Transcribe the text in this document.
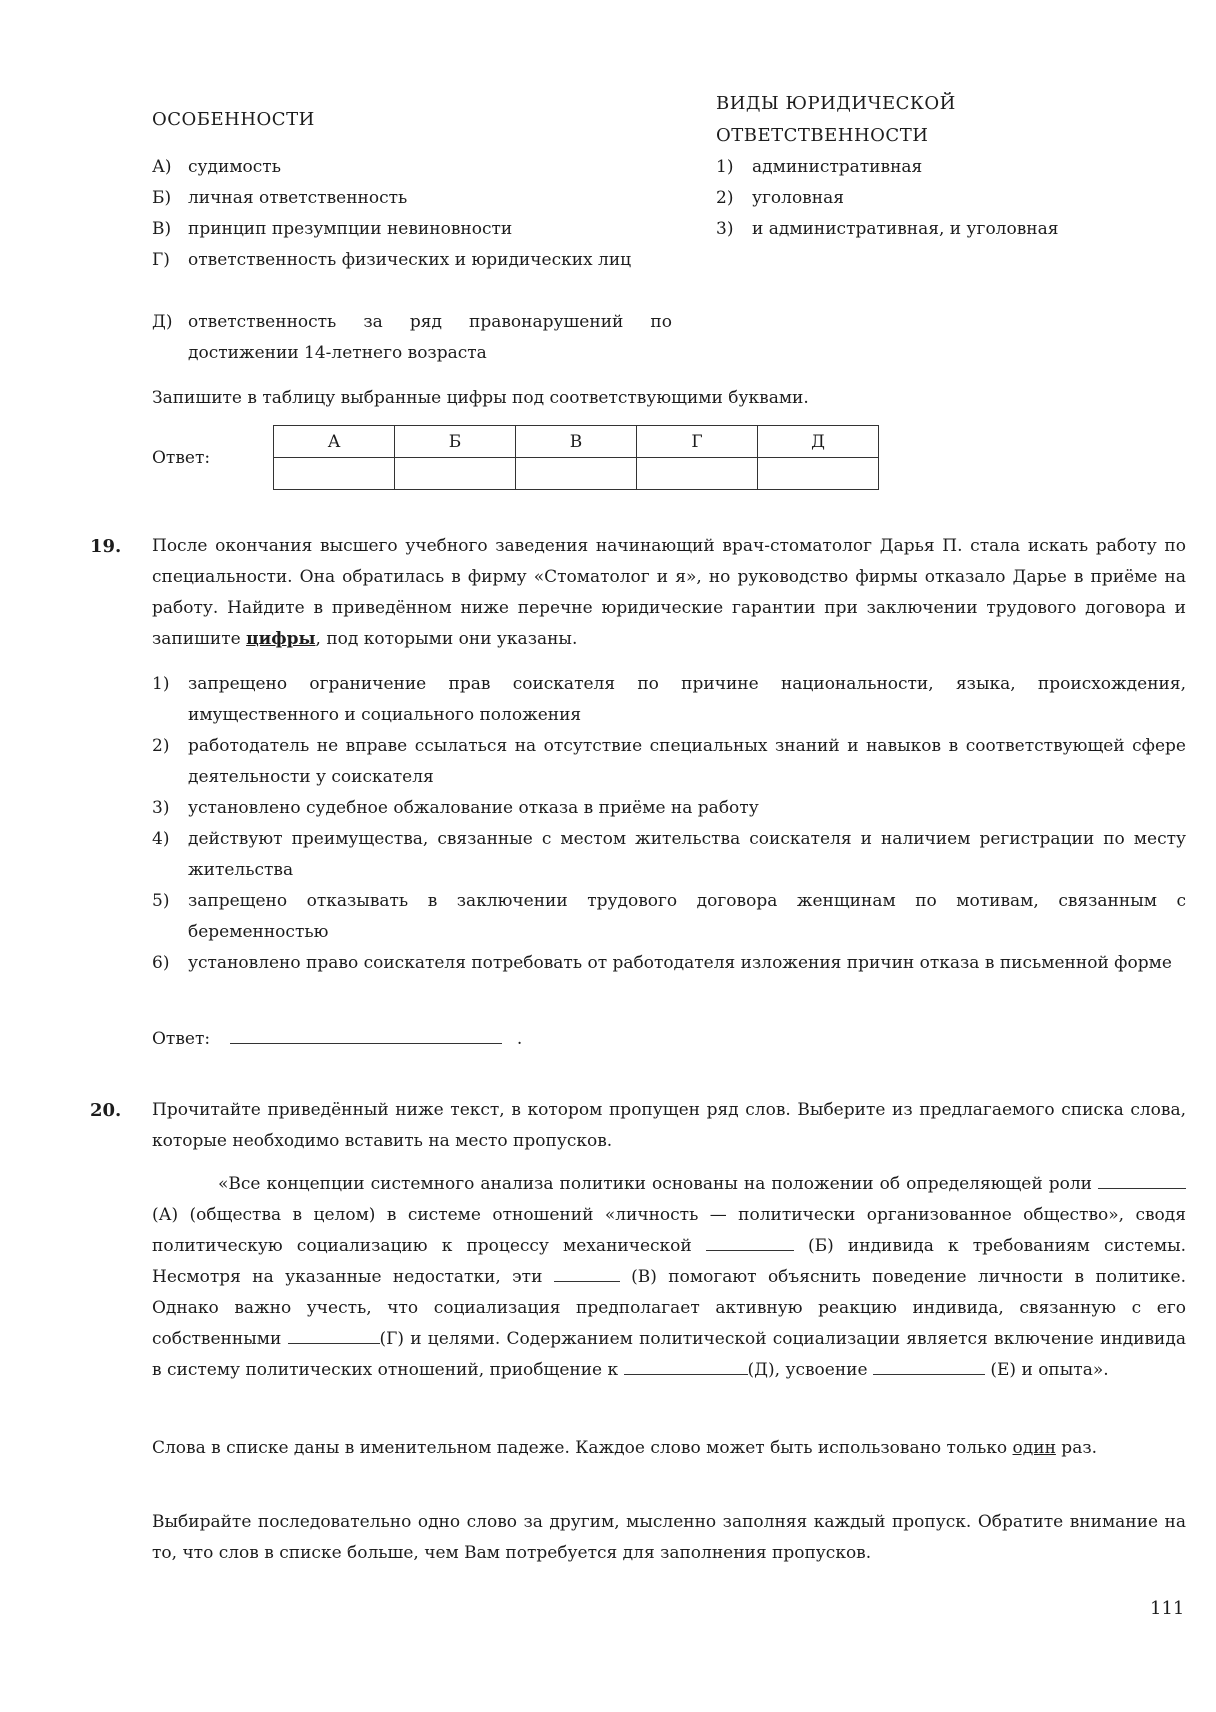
ОСОБЕННОСТИ
ВИДЫ ЮРИДИЧЕСКОЙ
ОТВЕТСТВЕННОСТИ
А) судимость
Б) личная ответственность
В) принцип презумпции невиновности
Г) ответственность физических и юридических лиц
Д) ответственность за ряд правонарушений по достижении 14-летнего возраста
1) административная
2) уголовная
3) и административная, и уголовная
Запишите в таблицу выбранные цифры под соответствующими буквами.
Ответ:
А	Б	В	Г	Д

19. После окончания высшего учебного заведения начинающий врач-стоматолог Дарья П. стала искать работу по специальности. Она обратилась в фирму «Стоматолог и я», но руководство фирмы отказало Дарье в приёме на работу. Найдите в приведённом ниже перечне юридические гарантии при заключении трудового договора и запишите цифры, под которыми они указаны.
1) запрещено ограничение прав соискателя по причине национальности, языка, происхождения, имущественного и социального положения
2) работодатель не вправе ссылаться на отсутствие специальных знаний и навыков в соответствующей сфере деятельности у соискателя
3) установлено судебное обжалование отказа в приёме на работу
4) действуют преимущества, связанные с местом жительства соискателя и наличием регистрации по месту жительства
5) запрещено отказывать в заключении трудового договора женщинам по мотивам, связанным с беременностью
6) установлено право соискателя потребовать от работодателя изложения причин отказа в письменной форме
Ответ:	.
20. Прочитайте приведённый ниже текст, в котором пропущен ряд слов. Выберите из предлагаемого списка слова, которые необходимо вставить на место пропусков.
«Все концепции системного анализа политики основаны на положении об определяющей роли  (А) (общества в целом) в системе отношений «личность — политически организованное общество», сводя политическую социализацию к процессу механической	(Б) индивида к требованиям системы. Несмотря на указанные недостатки, эти	(В) помогают объяснить поведение личности в политике. Однако важно учесть, что социализация предполагает активную реакцию индивида, связанную с его собственными	(Г) и целями. Содержанием политической социализации является включение индивида в систему политических отношений, приобщение к	(Д), усвоение	(Е) и опыта».
Слова в списке даны в именительном падеже. Каждое слово может быть использовано только один раз.
Выбирайте последовательно одно слово за другим, мысленно заполняя каждый пропуск. Обратите внимание на то, что слов в списке больше, чем Вам потребуется для заполнения пропусков.
111
